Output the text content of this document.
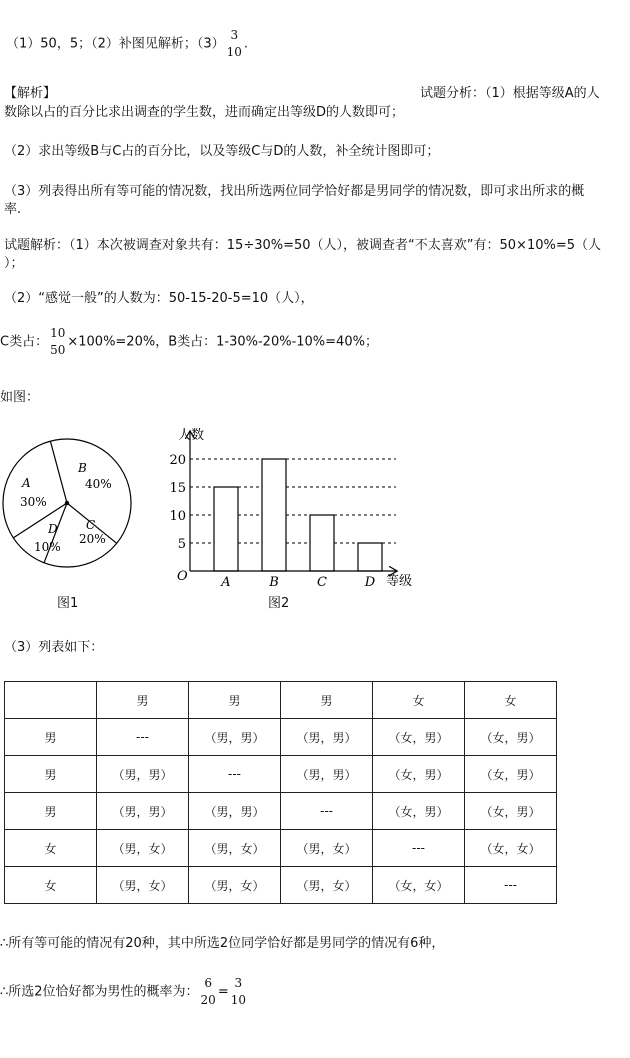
（1）50，5；（2）补图见解析；（3）
3
10
.
【解析】	试题分析：（1）根据等级A的人
数除以占的百分比求出调查的学生数，进而确定出等级D的人数即可；
（2）求出等级B与C占的百分比，以及等级C与D的人数，补全统计图即可；
（3）列表得出所有等可能的情况数，找出所选两位同学恰好都是男同学的情况数，即可求出所求的概
率.
试题解析：（1）本次被调查对象共有：15÷30%=50（人），被调查者“不太喜欢”有：50×10%=5（人
）；
（2）“感觉一般”的人数为：50-15-20-5=10（人），
C类占：
10
50
×100%=20%，B类占：1-30%-20%-10%=40%；
如图：
A
30%
B
40%
C
20%
D
10%
图1
人数
等级
O
5
10
15
20
A	B	C	D
图2
（3）列表如下：
	男	男	男	女	女
男	---	（男，男）	（男，男）	（女，男）	（女，男）
男	（男，男）	---	（男，男）	（女，男）	（女，男）
男	（男，男）	（男，男）	---	（女，男）	（女，男）
女	（男，女）	（男，女）	（男，女）	---	（女，女）
女	（男，女）	（男，女）	（男，女）	（女，女）	---
∴所有等可能的情况有20种，其中所选2位同学恰好都是男同学的情况有6种，
∴所选2位恰好都为男性的概率为：
6
20
=
3
10
